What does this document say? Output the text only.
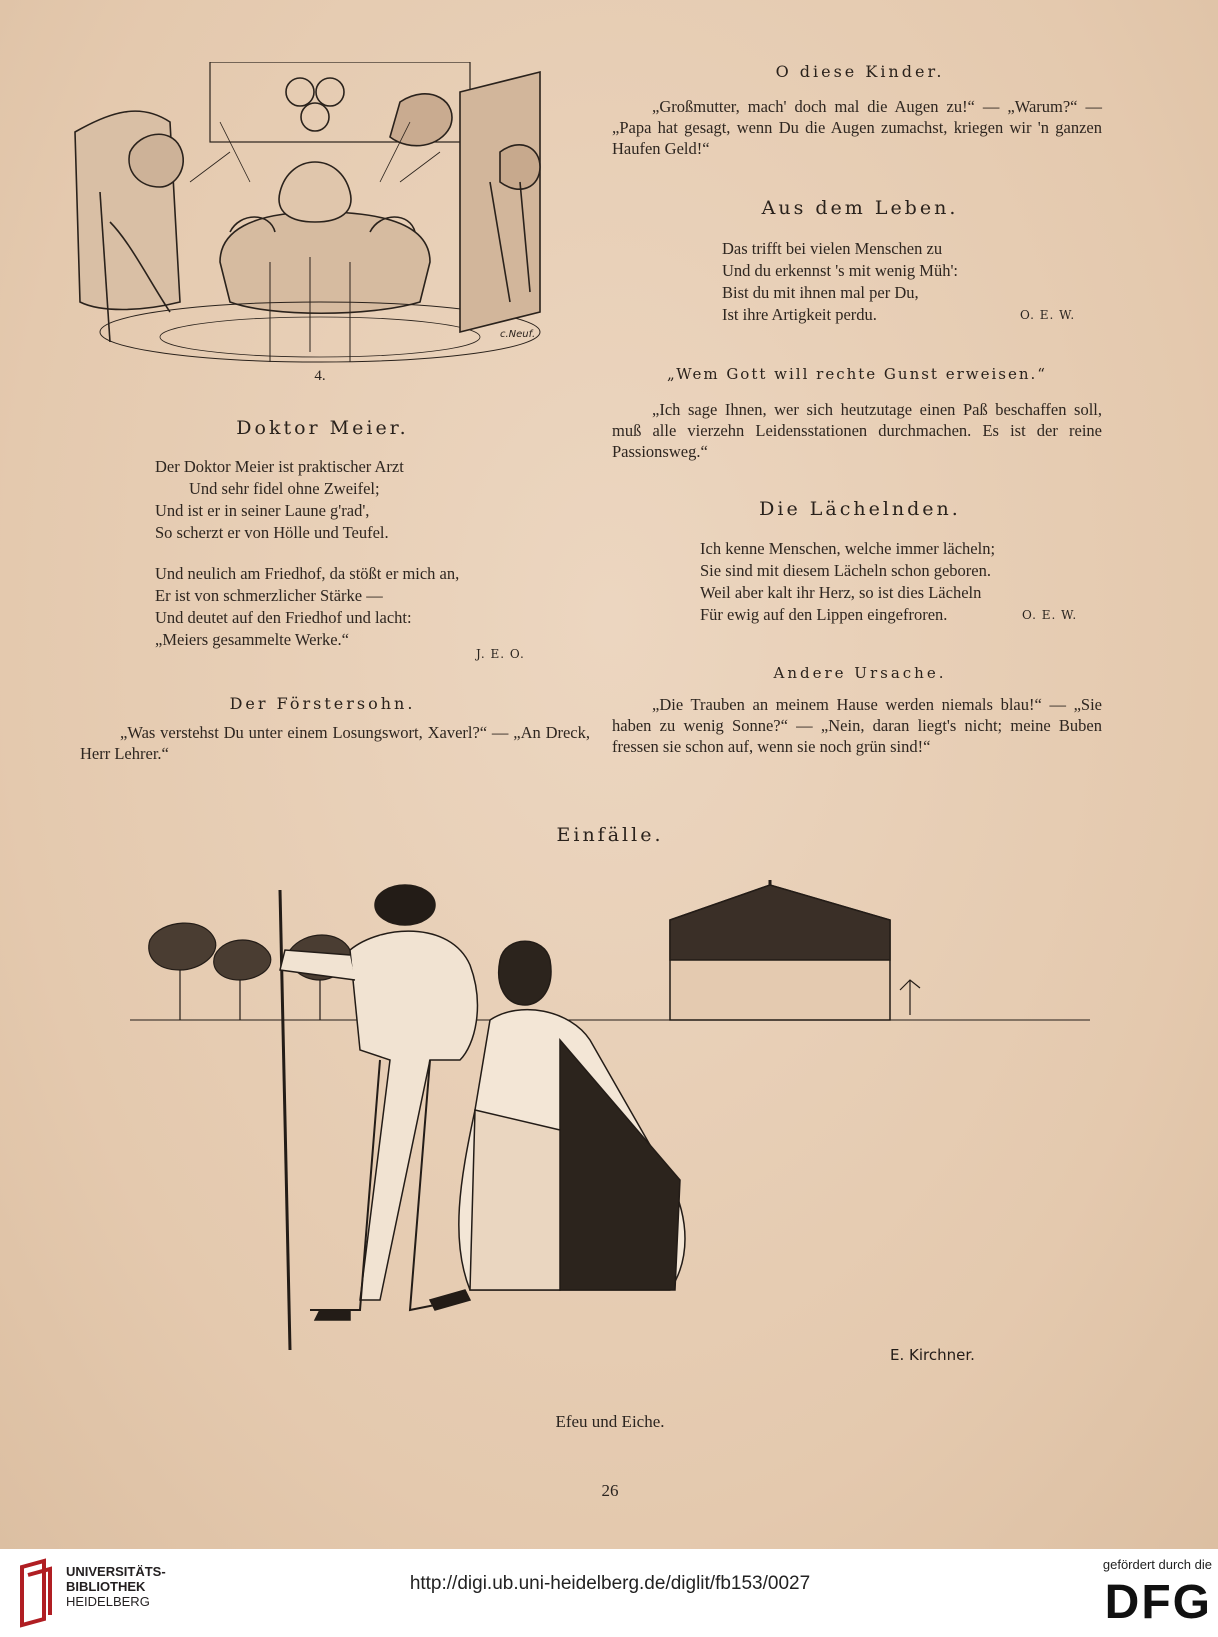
c.Neuf.
4.
Doktor Meier.
Der Doktor Meier ist praktischer Arzt
Und sehr fidel ohne Zweifel;
Und ist er in seiner Laune g'rad',
So scherzt er von Hölle und Teufel.
Und neulich am Friedhof, da stößt er mich an,
Er ist von schmerzlicher Stärke —
Und deutet auf den Friedhof und lacht:
„Meiers gesammelte Werke.“
J. E. O.
Der Förstersohn.
„Was verstehst Du unter einem Losungswort, Xaverl?“ — „An Dreck, Herr Lehrer.“
O diese Kinder.
„Großmutter, mach' doch mal die Augen zu!“ — „Warum?“ — „Papa hat gesagt, wenn Du die Augen zumachst, kriegen wir 'n ganzen Haufen Geld!“
Aus dem Leben.
Das trifft bei vielen Menschen zu
Und du erkennst 's mit wenig Müh':
Bist du mit ihnen mal per Du,
Ist ihre Artigkeit perdu.	O. E. W.
„Wem Gott will rechte Gunst erweisen.“
„Ich sage Ihnen, wer sich heutzutage einen Paß beschaffen soll, muß alle vierzehn Leidensstationen durchmachen. Es ist der reine Passionsweg.“
Die Lächelnden.
Ich kenne Menschen, welche immer lächeln;
Sie sind mit diesem Lächeln schon geboren.
Weil aber kalt ihr Herz, so ist dies Lächeln
Für ewig auf den Lippen eingefroren.	O. E. W.
Andere Ursache.
„Die Trauben an meinem Hause werden niemals blau!“ — „Sie haben zu wenig Sonne?“ — „Nein, daran liegt's nicht; meine Buben fressen sie schon auf, wenn sie noch grün sind!“
Einfälle.
E. Kirchner.
Efeu und Eiche.
26
UNIVERSITÄTS-
BIBLIOTHEK
HEIDELBERG
http://digi.ub.uni-heidelberg.de/diglit/fb153/0027
gefördert durch die
DFG
